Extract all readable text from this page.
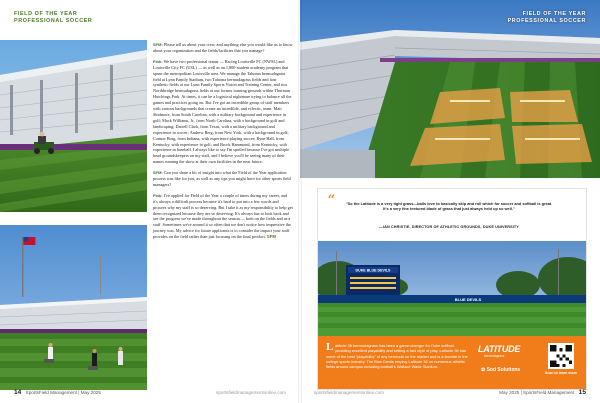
FIELD OF THE YEAR
PROFESSIONAL SOCCER

SFM: Please tell us about your crew, and anything else you would like us to know about your organization and the fields/facilities that you manage?

Fink: We have two professional teams — Racing Louisville FC (NWSL) and Louisville City FC (USL) — as well as an 1,800-student academy program that spans the metropolitan Louisville area. We manage the Tahoma bermudagrass field at Lynn Family Stadium, two Tahoma bermudagrass fields and four synthetic fields at our Lynn Family Sports Vision and Training Center, and two Northbridge bermudagrass fields at our former training grounds within Thurman Hutchings Park. At times, it can be a logistical nightmare trying to balance all the games and practices going on. But I've got an incredible group of staff members with various backgrounds that create an incredible, and eclectic, team: Matt Skidmore, from South Carolina, with a military background and experience in golf; Mack Williams, Jr., from North Carolina, with a background in golf and landscaping; Darrell Clark, from Texas, with a military background and experience in soccer; Andrew Berg, from New York, with a background in golf; Connor Borg, from Indiana, with experience playing soccer; Ryne Hall, from Kentucky, with experience in golf; and Brock Hammond, from Kentucky, with experience in baseball. I always like to say I'm spoiled because I've got multiple head groundskeepers on my staff, and I believe you'll be seeing many of their names running the show at their own facilities in the near future.

SFM: Can you share a bit of insight into what the Field of the Year application process was like for you, as well as any tips you might have for other sports field managers?

Fink: I've applied for Field of the Year a couple of times during my career, and it's always a difficult process because it's hard to put into a few words and pictures why my staff is so deserving. But I take it as my responsibility to help get them recognized because they are so deserving. It's always fun to look back and see the progress we've made throughout the season — both on the fields and as a staff. Sometimes we're around it so often that we don't notice how impressive the journey was. My advice for future applicants is to consider the impact your staff provides on the field rather than just focusing on the final product. SFM

14 SportsField Management | May 2025	sportsfieldmanagementonline.com
FIELD OF THE YEAR
PROFESSIONAL SOCCER
“	"So the Latitude is a very tight grass—balls love to basically skip and roll which for soccer and softball is great. It's a very fine textured blade of grass that just always held up so well."
—IAN CHRISTIE, DIRECTOR OF ATHLETIC GROUNDS, DUKE UNIVERSITY
DUKE BLUE DEVILS
BLUE DEVILS
Latitude 36 bermudagrass has been a game-changer for Duke softball, providing excellent playability and setting a fast style of play. Latitude 36 has some of the best "playability" of any bermuda on the market and is a favorite in the college sports industry. The Blue Devils employ Latitude 36 on numerous athletic fields around campus including football's Wallace Wade Stadium.
LATITUDE
bermudagrass
✿ Sod Solutions	Scan to learn more
sportsfieldmanagementonline.com	May 2025 | SportsField Management 15
